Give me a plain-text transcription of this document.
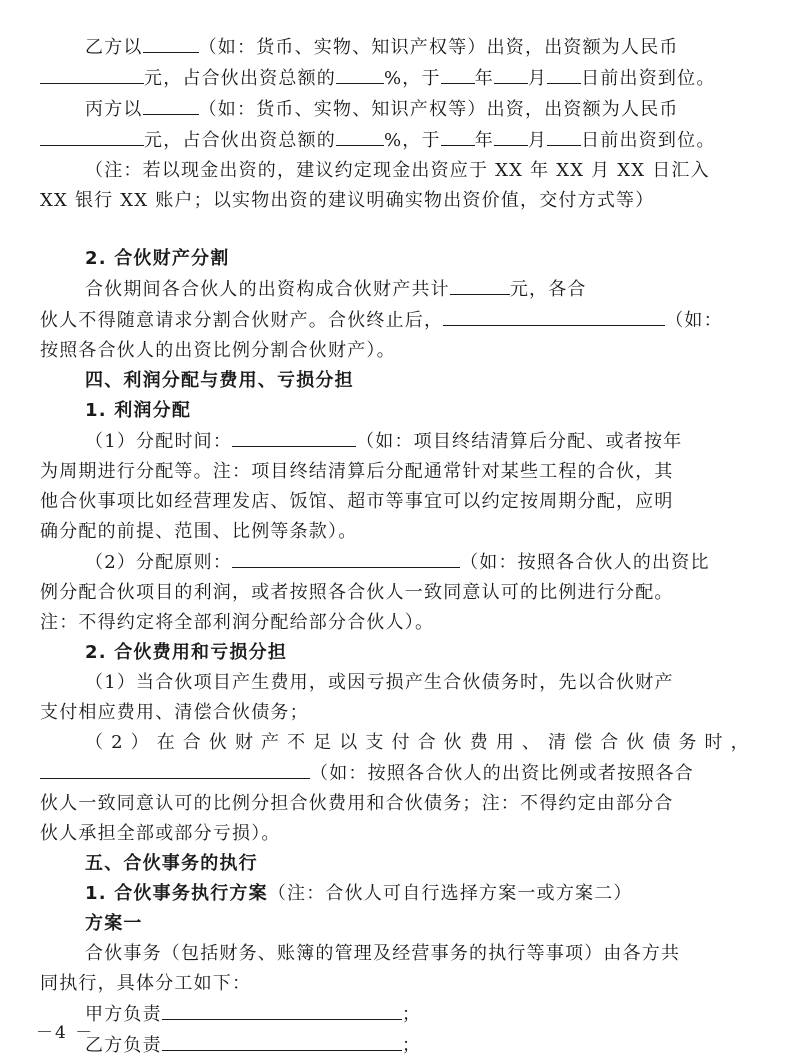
乙方以	（如：货币、实物、知识产权等）出资，出资额为人民币

元，占合伙出资总额的	%，于 年 月 日前出资到位。

丙方以	（如：货币、实物、知识产权等）出资，出资额为人民币

元，占合伙出资总额的	%，于 年 月 日前出资到位。

（注：若以现金出资的，建议约定现金出资应于 XX 年 XX 月 XX 日汇入

XX 银行 XX 账户；以实物出资的建议明确实物出资价值，交付方式等）

2. 合伙财产分割

合伙期间各合伙人的出资构成合伙财产共计	元，各合

伙人不得随意请求分割合伙财产。合伙终止后，	（如：

按照各合伙人的出资比例分割合伙财产）。

四、利润分配与费用、亏损分担

1. 利润分配

（1）分配时间：	（如：项目终结清算后分配、或者按年

为周期进行分配等。注：项目终结清算后分配通常针对某些工程的合伙，其

他合伙事项比如经营理发店、饭馆、超市等事宜可以约定按周期分配，应明

确分配的前提、范围、比例等条款）。

（2）分配原则：	（如：按照各合伙人的出资比

例分配合伙项目的利润，或者按照各合伙人一致同意认可的比例进行分配。

注：不得约定将全部利润分配给部分合伙人）。

2. 合伙费用和亏损分担

（1）当合伙项目产生费用，或因亏损产生合伙债务时，先以合伙财产

支付相应费用、清偿合伙债务；

（2）在合伙财产不足以支付合伙费用、清偿合伙债务时，

（如：按照各合伙人的出资比例或者按照各合

伙人一致同意认可的比例分担合伙费用和合伙债务；注：不得约定由部分合

伙人承担全部或部分亏损）。

五、合伙事务的执行

1. 合伙事务执行方案（注：合伙人可自行选择方案一或方案二）

方案一

合伙事务（包括财务、账簿的管理及经营事务的执行等事项）由各方共

同执行，具体分工如下：

甲方负责	；

乙方负责	；

－4 －
